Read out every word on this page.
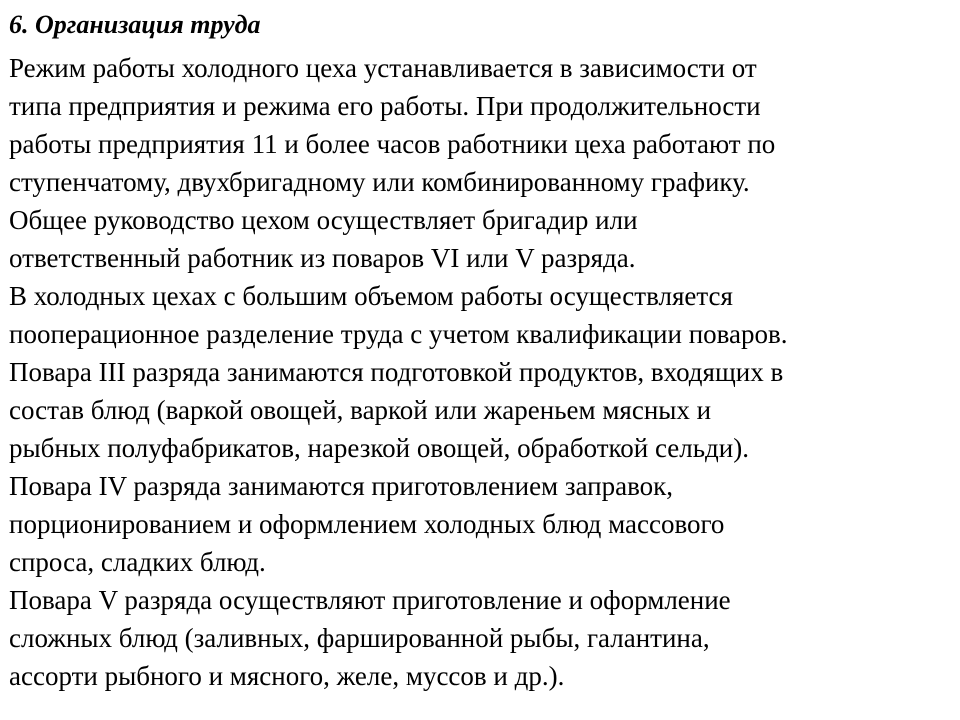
6. Организация труда
Режим работы холодного цеха устанавливается в зависимости от
типа предприятия и режима его работы. При продолжительности
работы предприятия 11 и более часов работники цеха работают по
ступенчатому, двухбригадному или комбинированному графику.
Общее руководство цехом осуществляет бригадир или
ответственный работник из поваров VI или V разряда.
В холодных цехах с большим объемом работы осуществляется
пооперационное разделение труда с учетом квалификации поваров.
Повара III разряда занимаются подготовкой продуктов, входящих в
состав блюд (варкой овощей, варкой или жареньем мясных и
рыбных полуфабрикатов, нарезкой овощей, обработкой сельди).
Повара IV разряда занимаются приготовлением заправок,
порционированием и оформлением холодных блюд массового
спроса, сладких блюд.
Повара V разряда осуществляют приготовление и оформление
сложных блюд (заливных, фаршированной рыбы, галантина,
ассорти рыбного и мясного, желе, муссов и др.).
